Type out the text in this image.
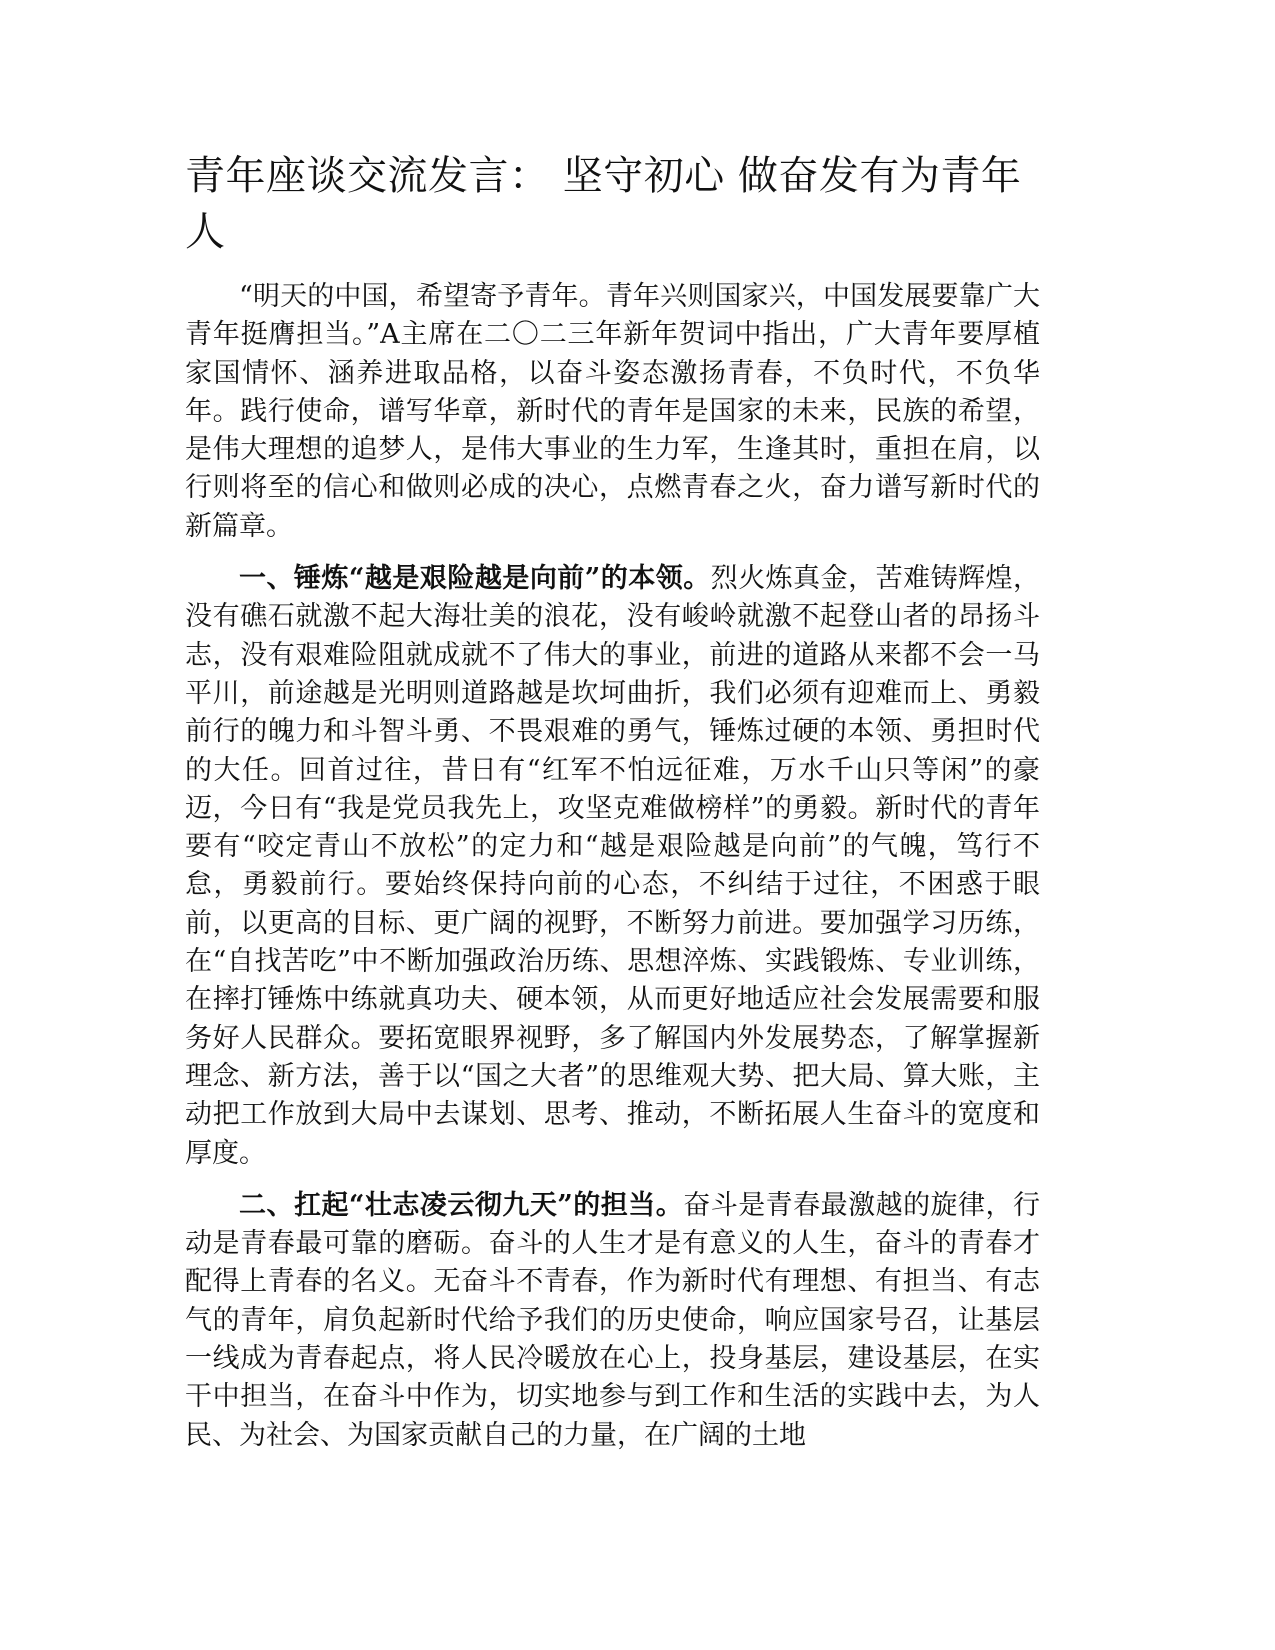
青年座谈交流发言： 坚守初心 做奋发有为青年人

“明天的中国，希望寄予青年。青年兴则国家兴，中国发展要靠广大青年挺膺担当。”A主席在二〇二三年新年贺词中指出，广大青年要厚植家国情怀、涵养进取品格，以奋斗姿态激扬青春，不负时代，不负华年。践行使命，谱写华章，新时代的青年是国家的未来，民族的希望，是伟大理想的追梦人，是伟大事业的生力军，生逢其时，重担在肩，以行则将至的信心和做则必成的决心，点燃青春之火，奋力谱写新时代的新篇章。

一、锤炼“越是艰险越是向前”的本领。烈火炼真金，苦难铸辉煌，没有礁石就激不起大海壮美的浪花，没有峻岭就激不起登山者的昂扬斗志，没有艰难险阻就成就不了伟大的事业，前进的道路从来都不会一马平川，前途越是光明则道路越是坎坷曲折，我们必须有迎难而上、勇毅前行的魄力和斗智斗勇、不畏艰难的勇气，锤炼过硬的本领、勇担时代的大任。回首过往，昔日有“红军不怕远征难，万水千山只等闲”的豪迈，今日有“我是党员我先上，攻坚克难做榜样”的勇毅。新时代的青年要有“咬定青山不放松”的定力和“越是艰险越是向前”的气魄，笃行不怠，勇毅前行。要始终保持向前的心态，不纠结于过往，不困惑于眼前，以更高的目标、更广阔的视野，不断努力前进。要加强学习历练，在“自找苦吃”中不断加强政治历练、思想淬炼、实践锻炼、专业训练，在摔打锤炼中练就真功夫、硬本领，从而更好地适应社会发展需要和服务好人民群众。要拓宽眼界视野，多了解国内外发展势态，了解掌握新理念、新方法，善于以“国之大者”的思维观大势、把大局、算大账，主动把工作放到大局中去谋划、思考、推动，不断拓展人生奋斗的宽度和厚度。

二、扛起“壮志凌云彻九天”的担当。奋斗是青春最激越的旋律，行动是青春最可靠的磨砺。奋斗的人生才是有意义的人生，奋斗的青春才配得上青春的名义。无奋斗不青春，作为新时代有理想、有担当、有志气的青年，肩负起新时代给予我们的历史使命，响应国家号召，让基层一线成为青春起点，将人民冷暖放在心上，投身基层，建设基层，在实干中担当，在奋斗中作为，切实地参与到工作和生活的实践中去，为人民、为社会、为国家贡献自己的力量，在广阔的土地
